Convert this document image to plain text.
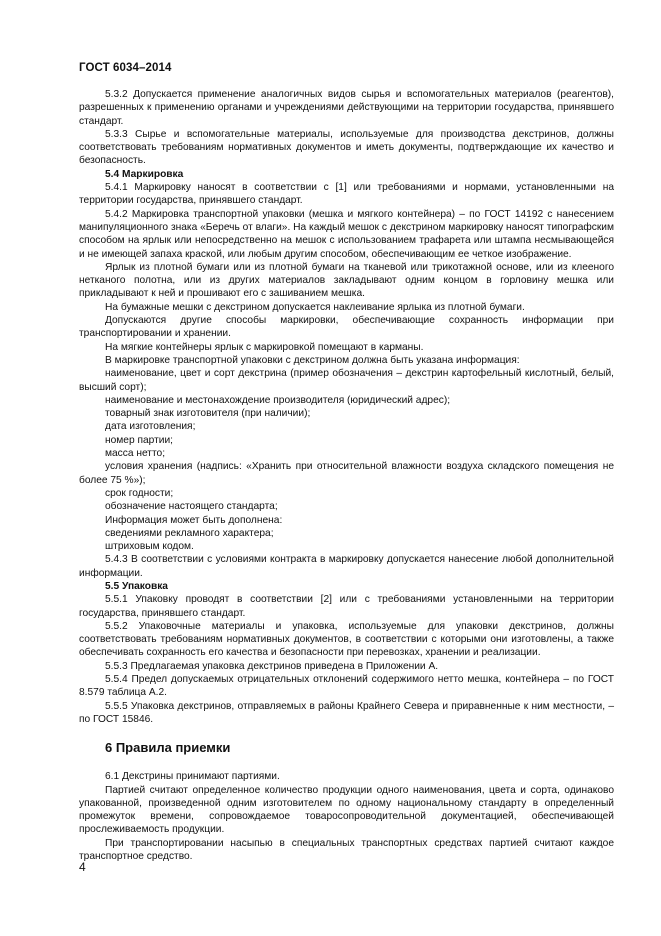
ГОСТ 6034–2014

5.3.2 Допускается применение аналогичных видов сырья и вспомогательных материалов (реагентов), разрешенных к применению органами и учреждениями действующими на территории государства, принявшего стандарт.

5.3.3 Сырье и вспомогательные материалы, используемые для производства декстринов, должны соответствовать требованиям нормативных документов и иметь документы, подтверждающие их качество и безопасность.

5.4 Маркировка

5.4.1 Маркировку наносят в соответствии с [1] или требованиями и нормами, установленными на территории государства, принявшего стандарт.

5.4.2 Маркировка транспортной упаковки (мешка и мягкого контейнера) – по ГОСТ 14192 с нанесением манипуляционного знака «Беречь от влаги». На каждый мешок с декстрином маркировку наносят типографским способом на ярлык или непосредственно на мешок с использованием трафарета или штампа несмывающейся и не имеющей запаха краской, или любым другим способом, обеспечивающим ее четкое изображение.

Ярлык из плотной бумаги или из плотной бумаги на тканевой или трикотажной основе, или из клееного нетканого полотна, или из других материалов закладывают одним концом в горловину мешка или прикладывают к ней и прошивают его с зашиванием мешка.

На бумажные мешки с декстрином допускается наклеивание ярлыка из плотной бумаги.

Допускаются другие способы маркировки, обеспечивающие сохранность информации при транспортировании и хранении.

На мягкие контейнеры ярлык с маркировкой помещают в карманы.

В маркировке транспортной упаковки с декстрином должна быть указана информация:

наименование, цвет и сорт декстрина (пример обозначения – декстрин картофельный кислотный, белый, высший сорт);

наименование и местонахождение производителя (юридический адрес);

товарный знак изготовителя (при наличии);

дата изготовления;

номер партии;

масса нетто;

условия хранения (надпись: «Хранить при относительной влажности воздуха складского помещения не более 75 %»);

срок годности;

обозначение настоящего стандарта;

Информация может быть дополнена:

сведениями рекламного характера;

штриховым кодом.

5.4.3 В соответствии с условиями контракта в маркировку допускается нанесение любой дополнительной информации.

5.5 Упаковка

5.5.1 Упаковку проводят в соответствии [2] или с требованиями установленными на территории государства, принявшего стандарт.

5.5.2 Упаковочные материалы и упаковка, используемые для упаковки декстринов, должны соответствовать требованиям нормативных документов, в соответствии с которыми они изготовлены, а также обеспечивать сохранность его качества и безопасности при перевозках, хранении и реализации.

5.5.3 Предлагаемая упаковка декстринов приведена в Приложении А.

5.5.4 Предел допускаемых отрицательных отклонений содержимого нетто мешка, контейнера – по ГОСТ 8.579 таблица А.2.

5.5.5 Упаковка декстринов, отправляемых в районы Крайнего Севера и приравненные к ним местности, – по ГОСТ 15846.

6 Правила приемки

6.1 Декстрины принимают партиями.

Партией считают определенное количество продукции одного наименования, цвета и сорта, одинаково упакованной, произведенной одним изготовителем по одному национальному стандарту в определенный промежуток времени, сопровождаемое товаросопроводительной документацией, обеспечивающей прослеживаемость продукции.

При транспортировании насыпью в специальных транспортных средствах партией считают каждое транспортное средство.

4
